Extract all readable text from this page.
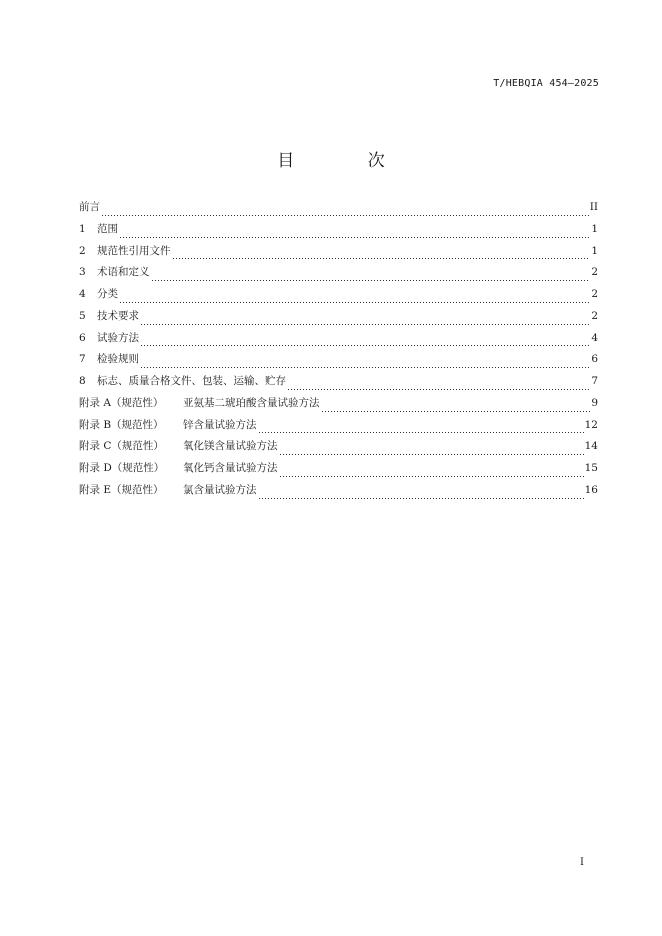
T/HEBQIA 454—2025
目 次
前言	II
1	范围	1
2	规范性引用文件	1
3	术语和定义	2
4	分类	2
5	技术要求	2
6	试验方法	4
7	检验规则	6
8	标志、质量合格文件、包装、运输、贮存	7
附录 A（规范性）	亚氨基二琥珀酸含量试验方法	9
附录 B（规范性）	锌含量试验方法	12
附录 C（规范性）	氧化镁含量试验方法	14
附录 D（规范性）	氧化钙含量试验方法	15
附录 E（规范性）	氯含量试验方法	16
I
